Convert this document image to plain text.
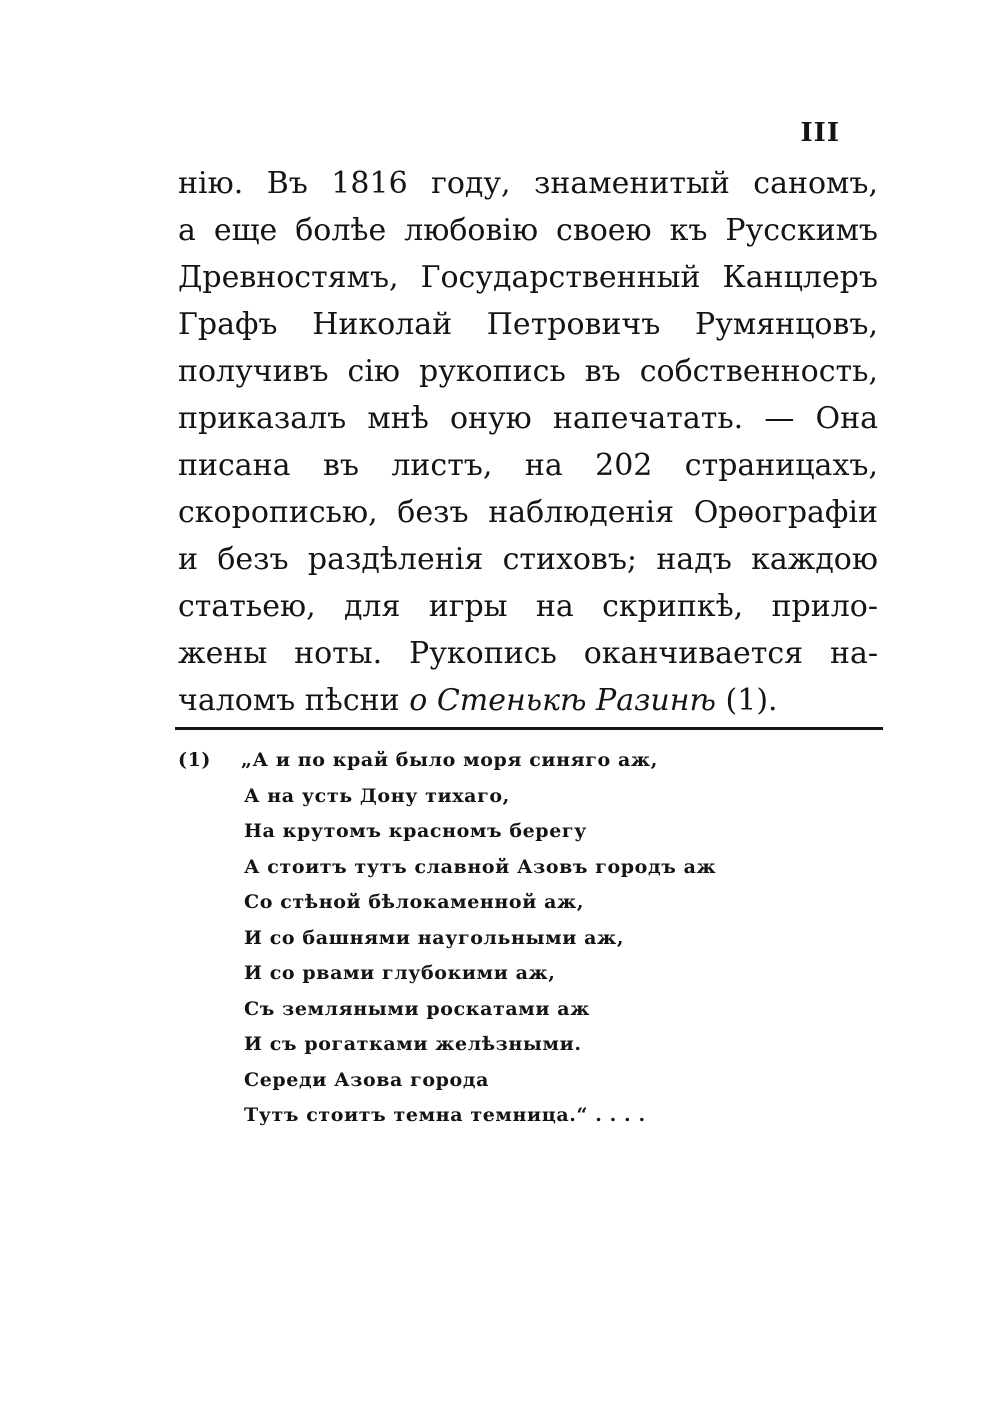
III
нію. Въ 1816 году, знаменитый саномъ,
а еще болѣе любовію своею къ Русскимъ
Древностямъ, Государственный Канцлеръ
Графъ Николай Петровичъ Румянцовъ,
получивъ сію рукопись въ собственность,
приказалъ мнѣ оную напечатать. — Она
писана въ листъ, на 202 страницахъ,
скорописью, безъ наблюденія Орѳографіи
и безъ раздѣленія стиховъ; надъ каждою
статьею, для игры на скрипкѣ, прило-
жены ноты. Рукопись оканчивается на-
чаломъ пѣсни о Стенькѣ Разинѣ (1).
(1) „А и по край было моря синяго аж,
А на усть Дону тихаго,
На крутомъ красномъ берегу
А стоитъ тутъ славной Азовъ городъ аж
Со стѣной бѣлокаменной аж,
И со башнями наугольными аж,
И со рвами глубокими аж,
Съ земляными роскатами аж
И съ рогатками желѣзными.
Середи Азова города
Тутъ стоитъ темна темница.“ . . . .
